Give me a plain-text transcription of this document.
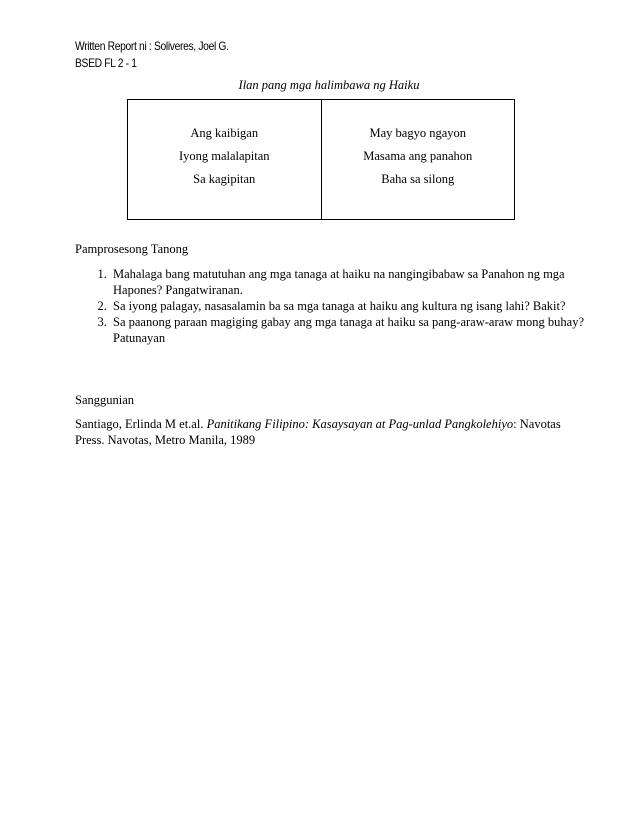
Written Report ni : Soliveres, Joel G.
BSED FL 2 - 1
Ilan pang mga halimbawa ng Haiku
Ang kaibigan
Iyong malalapitan
Sa kagipitan

May bagyo ngayon
Masama ang panahon
Baha sa silong
Pamprosesong Tanong
1. Mahalaga bang matutuhan ang mga tanaga at haiku na nangingibabaw sa Panahon ng mga Hapones? Pangatwiranan.
2. Sa iyong palagay, nasasalamin ba sa mga tanaga at haiku ang kultura ng isang lahi? Bakit?
3. Sa paanong paraan magiging gabay ang mga tanaga at haiku sa pang-araw-araw mong buhay? Patunayan
Sanggunian
Santiago, Erlinda M et.al. Panitikang Filipino: Kasaysayan at Pag-unlad Pangkolehiyo: Navotas Press. Navotas, Metro Manila, 1989
